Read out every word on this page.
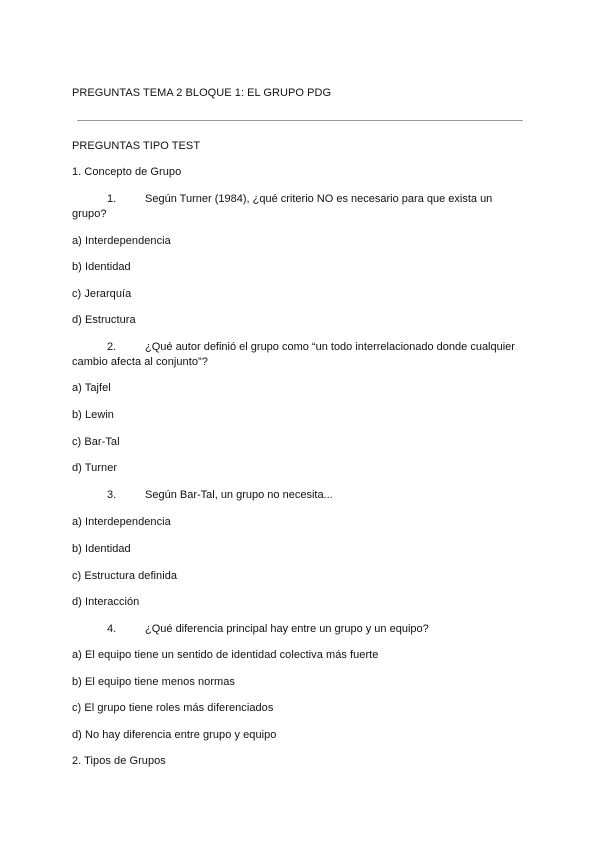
PREGUNTAS TEMA 2 BLOQUE 1: EL GRUPO PDG
PREGUNTAS TIPO TEST
1. Concepto de Grupo
1.	Según Turner (1984), ¿qué criterio NO es necesario para que exista un
grupo?
a) Interdependencia
b) Identidad
c) Jerarquía
d) Estructura
2.	¿Qué autor definió el grupo como “un todo interrelacionado donde cualquier
cambio afecta al conjunto”?
a) Tajfel
b) Lewin
c) Bar-Tal
d) Turner
3.	Según Bar-Tal, un grupo no necesita...
a) Interdependencia
b) Identidad
c) Estructura definida
d) Interacción
4.	¿Qué diferencia principal hay entre un grupo y un equipo?
a) El equipo tiene un sentido de identidad colectiva más fuerte
b) El equipo tiene menos normas
c) El grupo tiene roles más diferenciados
d) No hay diferencia entre grupo y equipo
2. Tipos de Grupos
